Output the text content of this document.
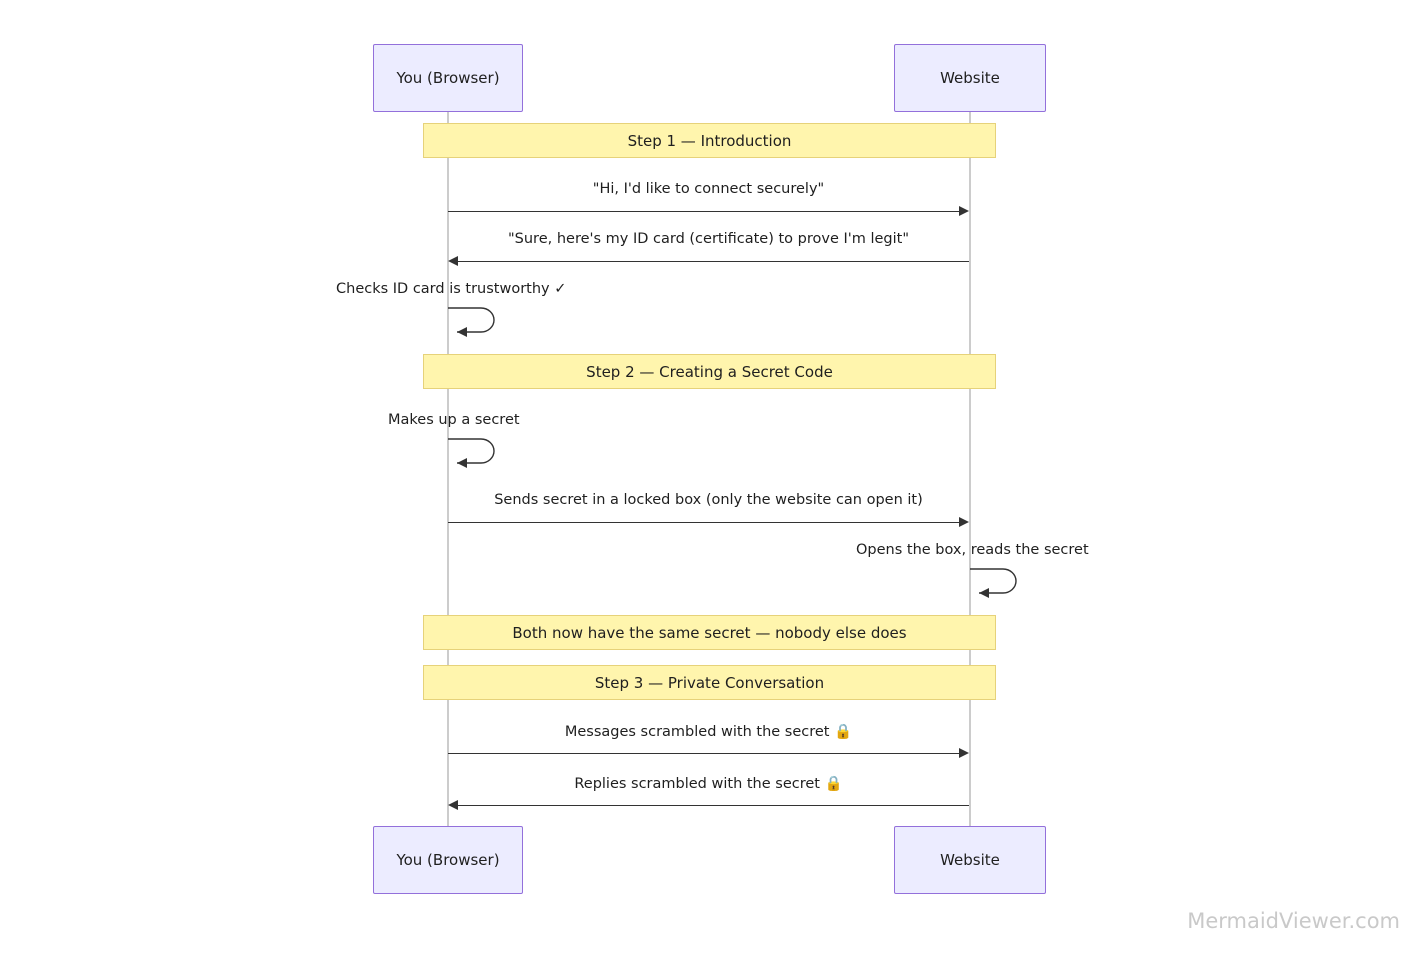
You (Browser)	Website
Step 1 — Introduction
"Hi, I'd like to connect securely"
"Sure, here's my ID card (certificate) to prove I'm legit"
Checks ID card is trustworthy ✓
Step 2 — Creating a Secret Code
Makes up a secret
Sends secret in a locked box (only the website can open it)
Opens the box, reads the secret
Both now have the same secret — nobody else does
Step 3 — Private Conversation
Messages scrambled with the secret 🔒
Replies scrambled with the secret 🔒
You (Browser)	Website
MermaidViewer.com
